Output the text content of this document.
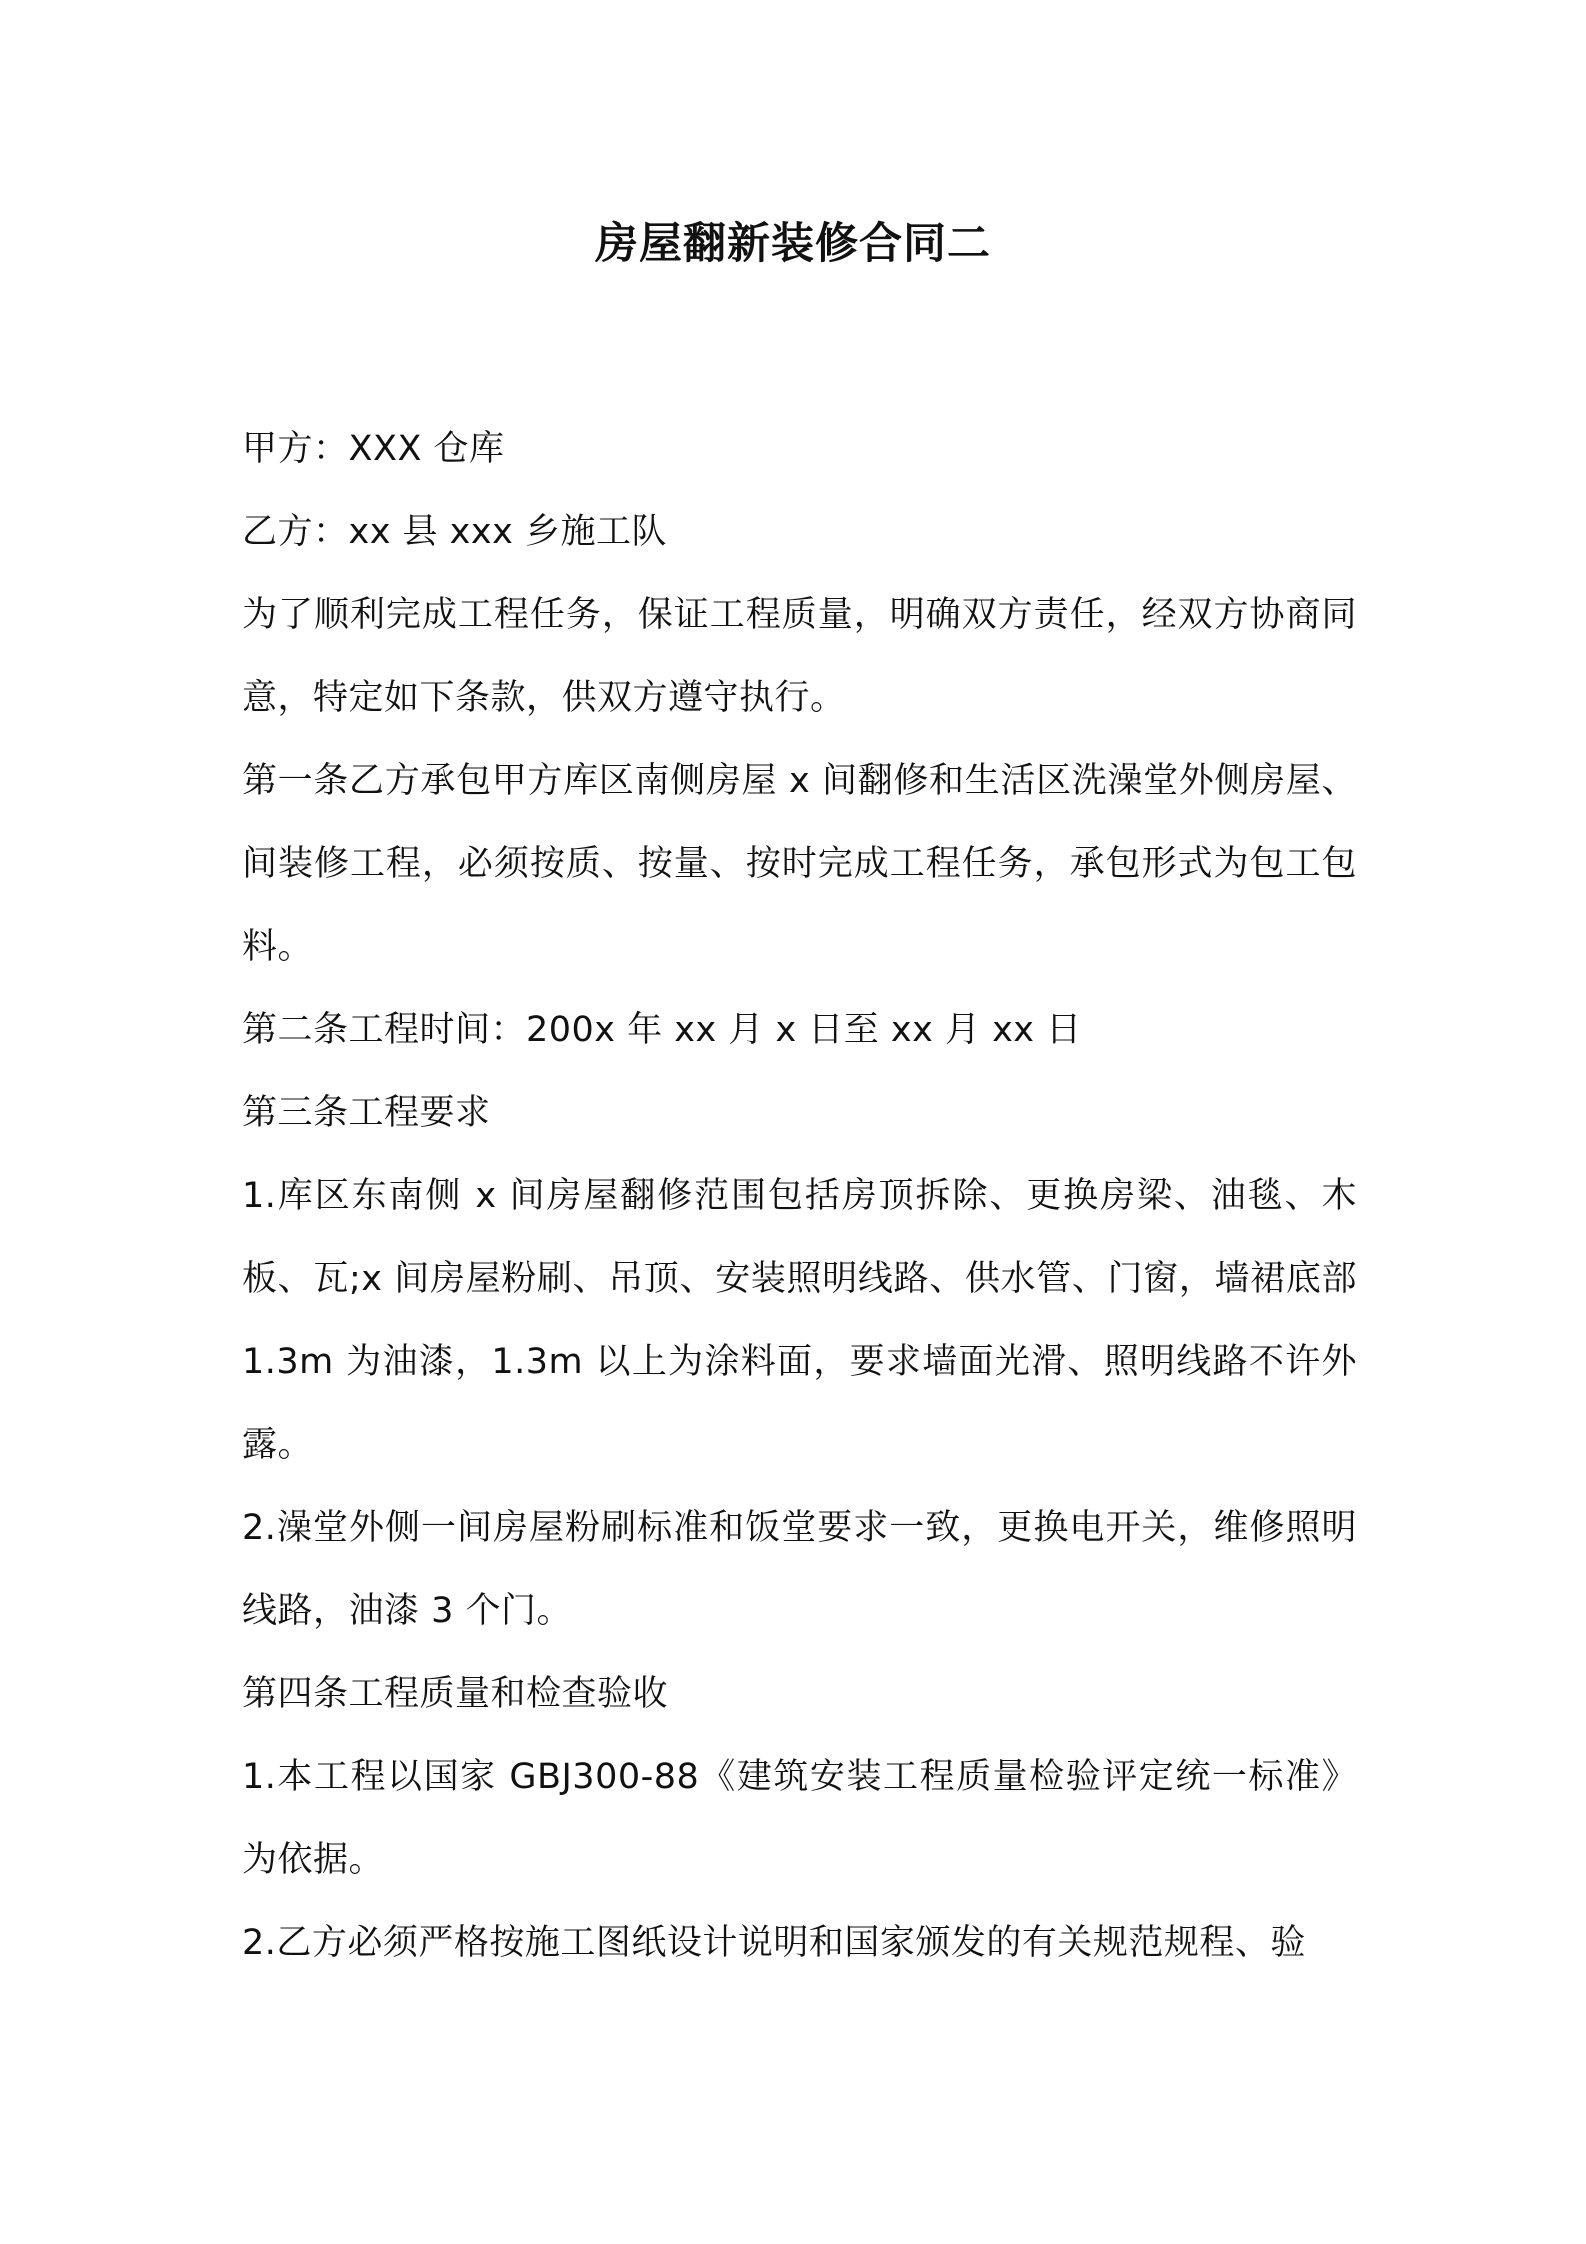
房屋翻新装修合同二

甲方：XXX 仓库

乙方：xx 县 xxx 乡施工队

为了顺利完成工程任务，保证工程质量，明确双方责任，经双方协商同意，特定如下条款，供双方遵守执行。

第一条乙方承包甲方库区南侧房屋 x 间翻修和生活区洗澡堂外侧房屋、间装修工程，必须按质、按量、按时完成工程任务，承包形式为包工包料。

第二条工程时间：200x 年 xx 月 x 日至 xx 月 xx 日

第三条工程要求

1.库区东南侧 x 间房屋翻修范围包括房顶拆除、更换房梁、油毯、木板、瓦;x 间房屋粉刷、吊顶、安装照明线路、供水管、门窗，墙裙底部 1.3m 为油漆，1.3m 以上为涂料面，要求墙面光滑、照明线路不许外露。

2.澡堂外侧一间房屋粉刷标准和饭堂要求一致，更换电开关，维修照明线路，油漆 3 个门。

第四条工程质量和检查验收

1.本工程以国家 GBJ300-88《建筑安装工程质量检验评定统一标准》为依据。

2.乙方必须严格按施工图纸设计说明和国家颁发的有关规范规程、验
